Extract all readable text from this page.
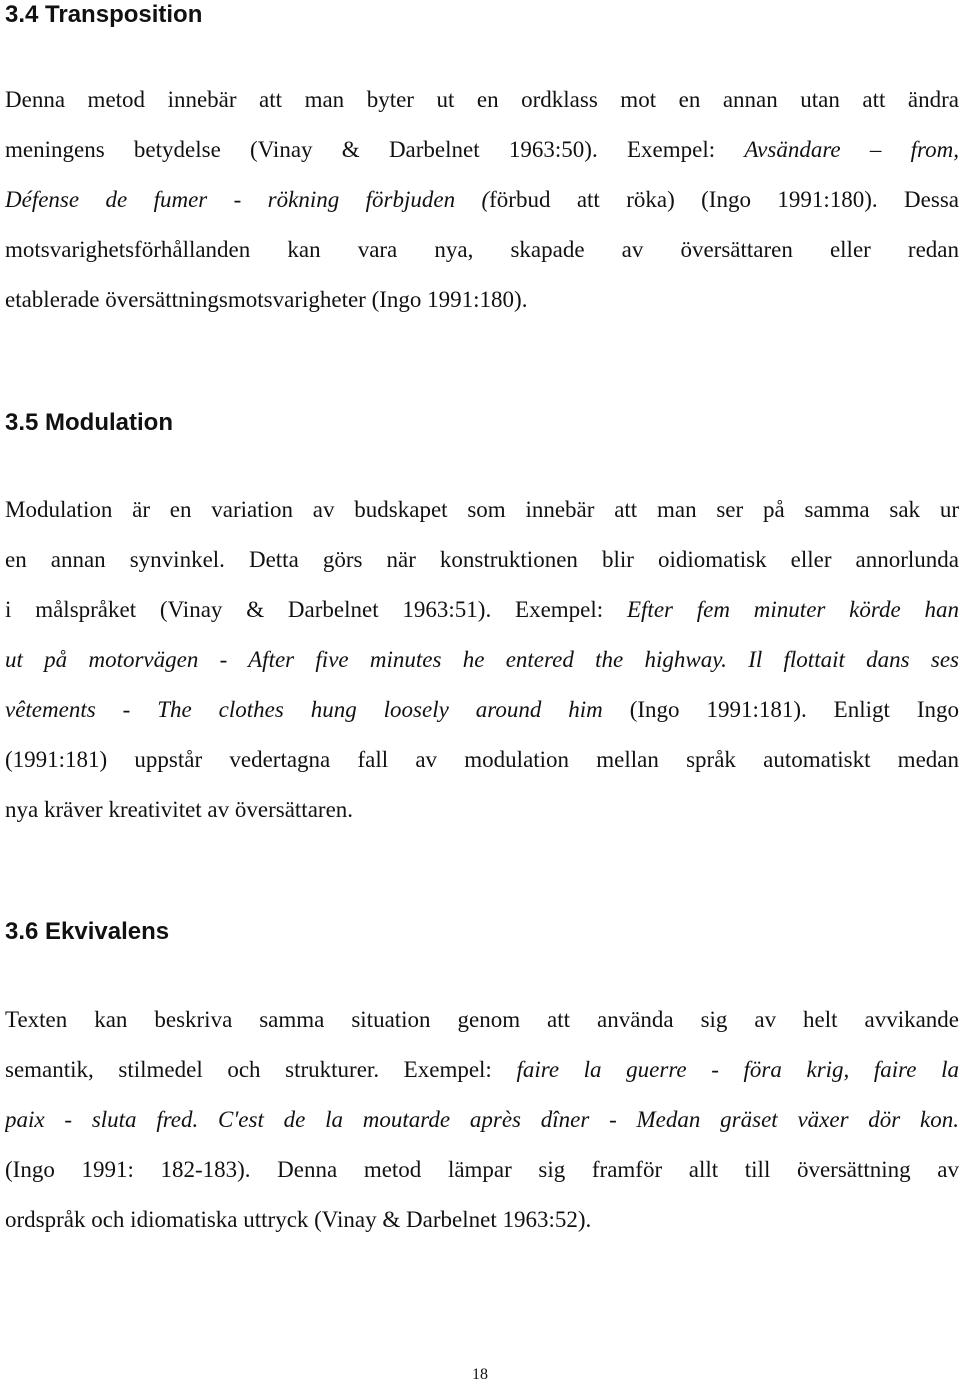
3.4 Transposition
Denna metod innebär att man byter ut en ordklass mot en annan utan att ändra
meningens betydelse (Vinay & Darbelnet 1963:50). Exempel: Avsändare – from,
Défense de fumer - rökning förbjuden (förbud att röka) (Ingo 1991:180). Dessa
motsvarighetsförhållanden kan vara nya, skapade av översättaren eller redan
etablerade översättningsmotsvarigheter (Ingo 1991:180).
3.5 Modulation
Modulation är en variation av budskapet som innebär att man ser på samma sak ur
en annan synvinkel. Detta görs när konstruktionen blir oidiomatisk eller annorlunda
i målspråket (Vinay & Darbelnet 1963:51). Exempel: Efter fem minuter körde han
ut på motorvägen - After five minutes he entered the highway. Il flottait dans ses
vêtements - The clothes hung loosely around him (Ingo 1991:181). Enligt Ingo
(1991:181) uppstår vedertagna fall av modulation mellan språk automatiskt medan
nya kräver kreativitet av översättaren.
3.6 Ekvivalens
Texten kan beskriva samma situation genom att använda sig av helt avvikande
semantik, stilmedel och strukturer. Exempel: faire la guerre - föra krig, faire la
paix - sluta fred. C'est de la moutarde après dîner - Medan gräset växer dör kon.
(Ingo 1991: 182-183). Denna metod lämpar sig framför allt till översättning av
ordspråk och idiomatiska uttryck (Vinay & Darbelnet 1963:52).
18
